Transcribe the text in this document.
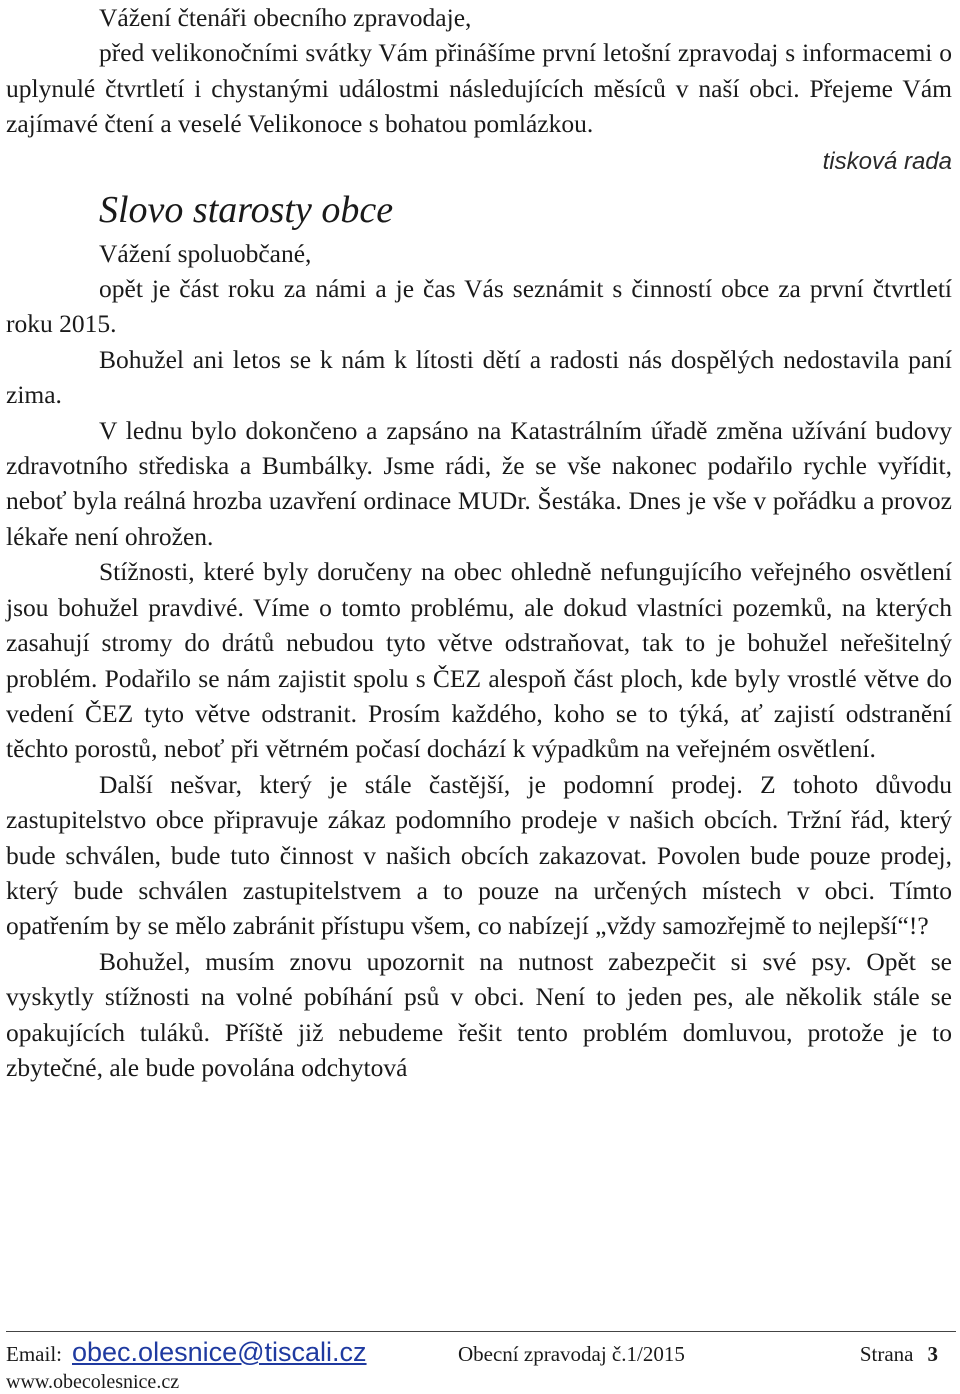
Vážení čtenáři obecního zpravodaje,

před velikonočními svátky Vám přinášíme první letošní zpravodaj s informacemi o uplynulé čtvrtletí i chystanými událostmi následujících měsíců v naší obci. Přejeme Vám zajímavé čtení a veselé Velikonoce s bohatou pomlázkou.

tisková rada

Slovo starosty obce

Vážení spoluobčané,

opět je část roku za námi a je čas Vás seznámit s činností obce za první čtvrtletí roku 2015.

Bohužel ani letos se k nám k lítosti dětí a radosti nás dospělých nedostavila paní zima.

V lednu bylo dokončeno a zapsáno na Katastrálním úřadě změna užívání budovy zdravotního střediska a Bumbálky. Jsme rádi, že se vše nakonec podařilo rychle vyřídit, neboť byla reálná hrozba uzavření ordinace MUDr. Šestáka. Dnes je vše v pořádku a provoz lékaře není ohrožen.

Stížnosti, které byly doručeny na obec ohledně nefungujícího veřejného osvětlení jsou bohužel pravdivé. Víme o tomto problému, ale dokud vlastníci pozemků, na kterých zasahují stromy do drátů nebudou tyto větve odstraňovat, tak to je bohužel neřešitelný problém. Podařilo se nám zajistit spolu s ČEZ alespoň část ploch, kde byly vrostlé větve do vedení ČEZ tyto větve odstranit. Prosím každého, koho se to týká, ať zajistí odstranění těchto porostů, neboť při větrném počasí dochází k výpadkům na veřejném osvětlení.

Další nešvar, který je stále častější, je podomní prodej. Z tohoto důvodu zastupitelstvo obce připravuje zákaz podomního prodeje v našich obcích. Tržní řád, který bude schválen, bude tuto činnost v našich obcích zakazovat. Povolen bude pouze prodej, který bude schválen zastupitelstvem a to pouze na určených místech v obci. Tímto opatřením by se mělo zabránit přístupu všem, co nabízejí „vždy samozřejmě to nejlepší“!?

Bohužel, musím znovu upozornit na nutnost zabezpečit si své psy. Opět se vyskytly stížnosti na volné pobíhání psů v obci. Není to jeden pes, ale několik stále se opakujících tuláků. Příště již nebudeme řešit tento problém domluvou, protože je to zbytečné, ale bude povolána odchytová

Email: obec.olesnice@tiscali.cz	Obecní zpravodaj č.1/2015	Strana 3
www.obecolesnice.cz
